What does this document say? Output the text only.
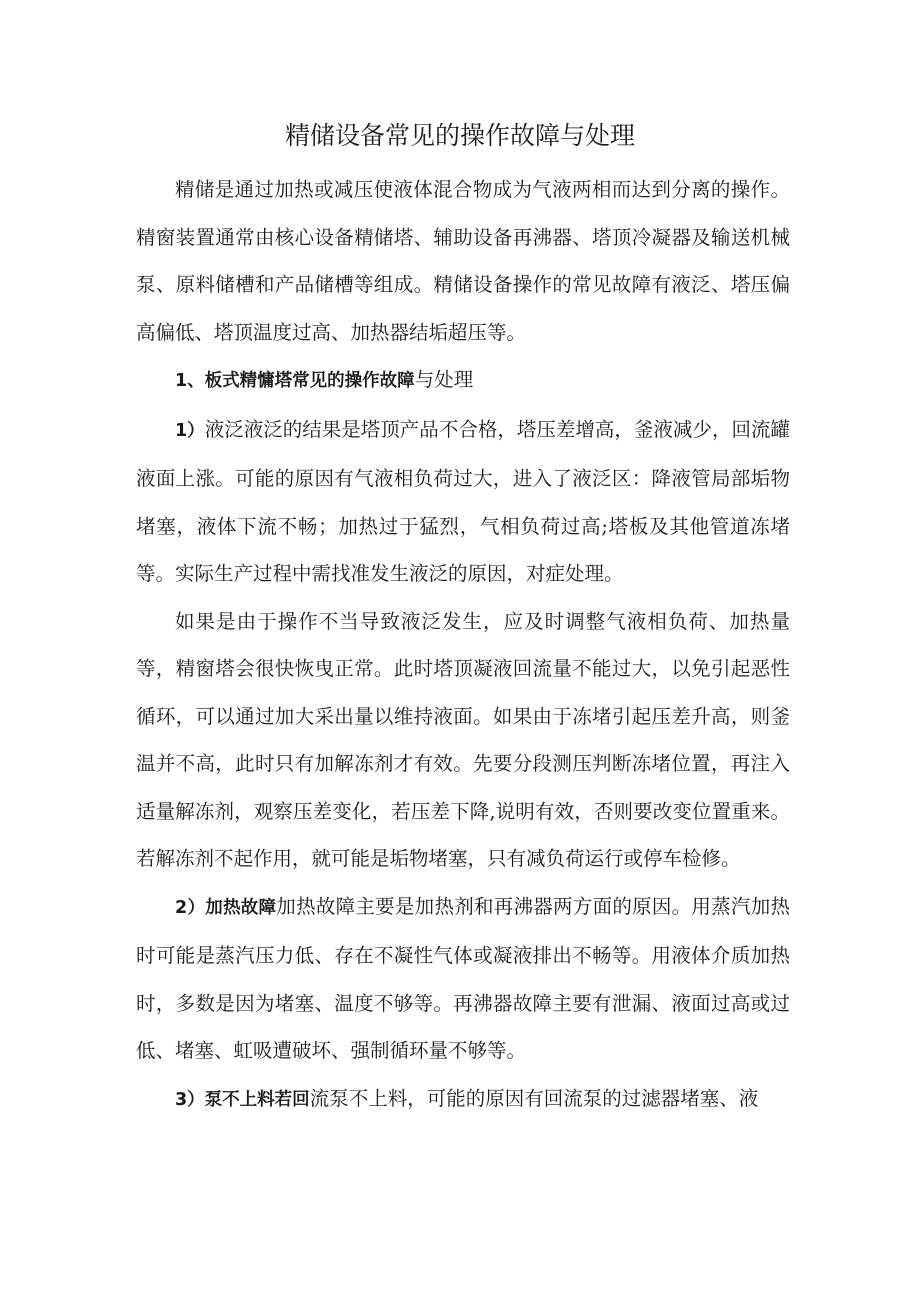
精储设备常见的操作故障与处理

精储是通过加热或减压使液体混合物成为气液两相而达到分离的操作。精窗装置通常由核心设备精储塔、辅助设备再沸器、塔顶冷凝器及输送机械泵、原料储槽和产品储槽等组成。精储设备操作的常见故障有液泛、塔压偏高偏低、塔顶温度过高、加热器结垢超压等。

1、板式精慵塔常见的操作故障与处理

1）液泛液泛的结果是塔顶产品不合格，塔压差增高，釜液减少，回流罐液面上涨。可能的原因有气液相负荷过大，进入了液泛区：降液管局部垢物堵塞，液体下流不畅；加热过于猛烈，气相负荷过高;塔板及其他管道冻堵等。实际生产过程中需找准发生液泛的原因，对症处理。

如果是由于操作不当导致液泛发生，应及时调整气液相负荷、加热量等，精窗塔会很快恢曳正常。此时塔顶凝液回流量不能过大，以免引起恶性循环，可以通过加大采出量以维持液面。如果由于冻堵引起压差升高，则釜温并不高，此时只有加解冻剂才有效。先要分段测压判断冻堵位置，再注入适量解冻剂，观察压差变化，若压差下降,说明有效，否则要改变位置重来。若解冻剂不起作用，就可能是垢物堵塞，只有减负荷运行或停车检修。

2）加热故障加热故障主要是加热剂和再沸器两方面的原因。用蒸汽加热时可能是蒸汽压力低、存在不凝性气体或凝液排出不畅等。用液体介质加热时，多数是因为堵塞、温度不够等。再沸器故障主要有泄漏、液面过高或过低、堵塞、虹吸遭破坏、强制循环量不够等。

3）泵不上料若回流泵不上料，可能的原因有回流泵的过滤器堵塞、液
